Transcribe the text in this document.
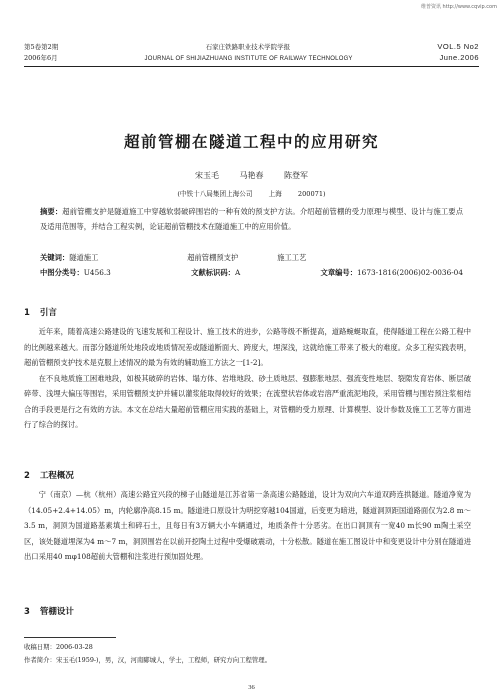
维普资讯 http://www.cqvip.com
第5卷第2期	石家庄铁路职业技术学院学报	VOL.5 No2
2006年6月	JOURNAL OF SHIJIAZHUANG INSTITUTE OF RAILWAY TECHNOLOGY	June.2006
超前管棚在隧道工程中的应用研究
宋玉毛	马艳春	陈登军
(中铁十八局集团上海公司 上海 200071)
摘要：超前管棚支护是隧道施工中穿越软弱破碎围岩的一种有效的预支护方法。介绍超前管棚的受力原理与模型、设计与施工要点及适用范围等，并结合工程实例，论证超前管棚技术在隧道施工中的应用价值。
关键词： 隧道施工	超前管棚预支护	施工工艺
中图分类号：U456.3	文献标识码：A	文章编号：1673-1816(2006)02-0036-04
1 引言

近年来，随着高速公路建设的飞速发展和工程设计、施工技术的进步，公路等级不断提高，道路蜿蜒取直，使得隧道工程在公路工程中的比例越来越大。而部分隧道所处地段或地质情况差或隧道断面大、跨度大，埋深浅，这就给施工带来了极大的难度。众多工程实践表明，超前管棚预支护技术是克服上述情况的最为有效的辅助施工方法之一[1-2]。

在不良地质施工困难地段，如极其破碎的岩体、塌方体、岩堆地段、砂土质地层、强膨胀地层、强流变性地层、裂隙发育岩体、断层破碎带、浅埋大偏压等围岩，采用管棚预支护并辅以灌浆能取得较好的效果；在流塑状岩体或岩溶严重流泥地段，采用管棚与围岩预注浆相结合的手段更是行之有效的方法。本文在总结大量超前管棚应用实践的基础上，对管棚的受力原理、计算模型、设计参数及施工工艺等方面进行了综合的探讨。

2 工程概况

宁（南京）—杭（杭州）高速公路宜兴段的梯子山隧道是江苏省第一条高速公路隧道，设计为双向六车道双跨连拱隧道。隧道净宽为（14.05+2.4+14.05）m，内轮廓净高8.15 m。隧道进口原设计为明挖穿越104国道，后变更为暗进，隧道洞顶距国道路面仅为2.8 m～3.5 m，洞顶为国道路基素填土和碎石土，且每日有3万辆大小车辆通过，地质条件十分恶劣。在出口洞顶有一宽40 m长90 m陶土采空区，该处隧道埋深为4 m～7 m，洞顶围岩在以前开挖陶土过程中受爆破震动，十分松散。隧道在施工图设计中和变更设计中分别在隧道进出口采用40 mφ108超前大管棚和注浆进行预加固处理。

3 管棚设计
收稿日期：2006-03-28
作者简介：宋玉毛(1959-)，男，汉，河南郾城人，学士，工程师，研究方向工程管理。
36
